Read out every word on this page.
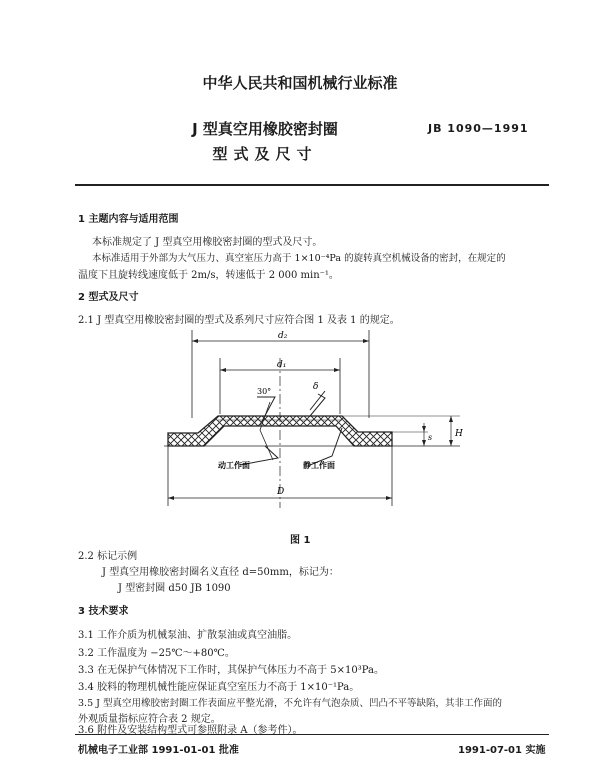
中华人民共和国机械行业标准
J 型真空用橡胶密封圈
型式及尺寸
JB 1090—1991
1 主题内容与适用范围
本标准规定了 J 型真空用橡胶密封圈的型式及尺寸。
本标准适用于外部为大气压力、真空室压力高于 1×10⁻⁴Pa 的旋转真空机械设备的密封，在规定的
温度下且旋转线速度低于 2m/s，转速低于 2 000 min⁻¹。
2 型式及尺寸
2.1 J 型真空用橡胶密封圈的型式及系列尺寸应符合图 1 及表 1 的规定。
d₂
d₁
30°	δ
s	H
动工作面	静工作面
D
图 1
2.2 标记示例
J 型真空用橡胶密封圈名义直径 d=50mm，标记为：
J 型密封圈 d50 JB 1090
3 技术要求
3.1 工作介质为机械泵油、扩散泵油或真空油脂。
3.2 工作温度为 −25℃～+80℃。
3.3 在无保护气体情况下工作时，其保护气体压力不高于 5×10³Pa。
3.4 胶料的物理机械性能应保证真空室压力不高于 1×10⁻¹Pa。
3.5 J 型真空用橡胶密封圈工作表面应平整光滑，不允许有气泡杂质、凹凸不平等缺陷，其非工作面的
外观质量指标应符合表 2 规定。
3.6 附件及安装结构型式可参照附录 A（参考件）。
机械电子工业部 1991-01-01 批准	1991-07-01 实施
